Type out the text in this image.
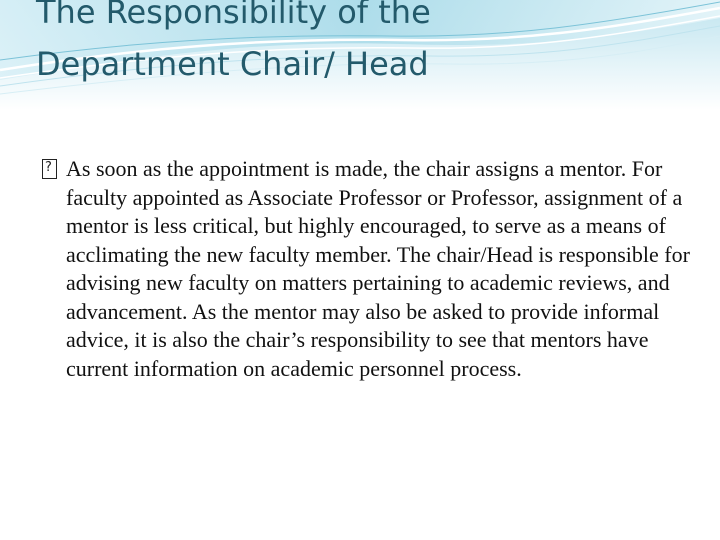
The Responsibility of the
Department Chair/ Head

?
As soon as the appointment is made, the chair assigns a mentor. For faculty appointed as Associate Professor or Professor, assignment of a mentor is less critical, but highly encouraged, to serve as a means of acclimating the new faculty member. The chair/Head is responsible for advising new faculty on matters pertaining to academic reviews, and advancement. As the mentor may also be asked to provide informal advice, it is also the chair’s responsibility to see that mentors have current information on academic personnel process.
